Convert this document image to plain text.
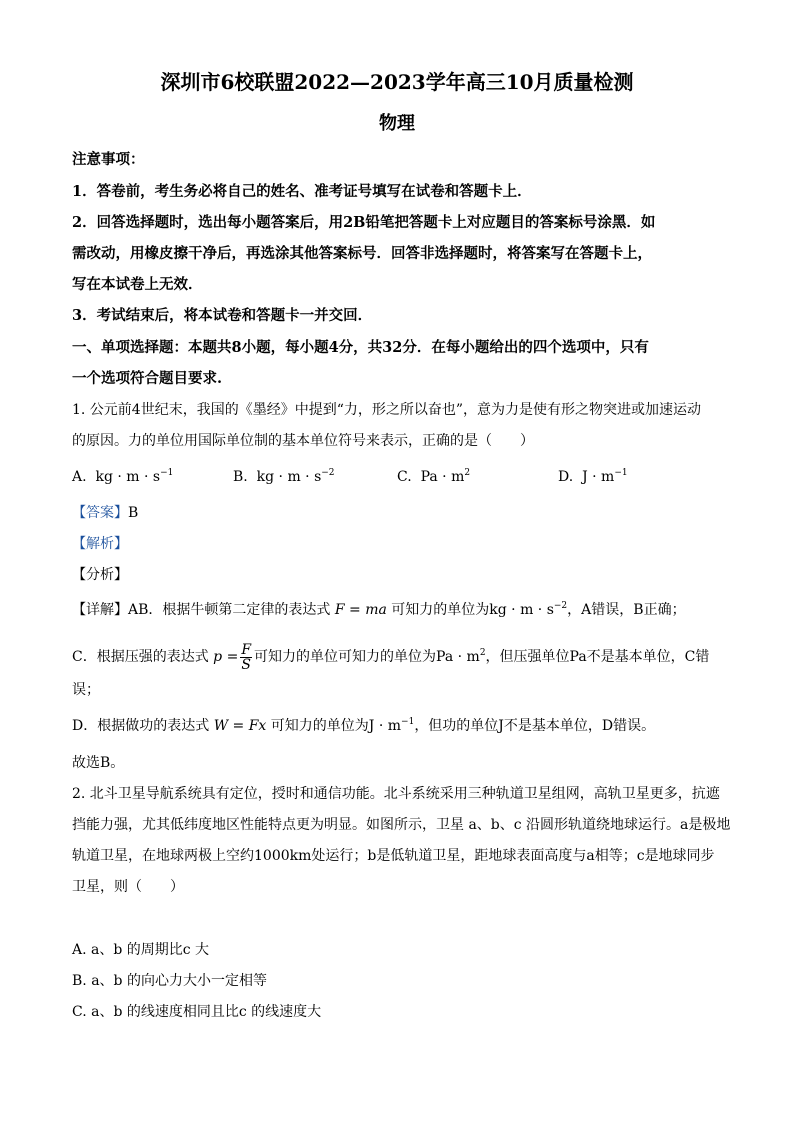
深圳市6校联盟2022—2023学年高三10月质量检测
物理
注意事项：
1．答卷前，考生务必将自己的姓名、准考证号填写在试卷和答题卡上．
2．回答选择题时，选出每小题答案后，用2B铅笔把答题卡上对应题目的答案标号涂黑．如
需改动，用橡皮擦干净后，再选涂其他答案标号．回答非选择题时，将答案写在答题卡上，
写在本试卷上无效．
3．考试结束后，将本试卷和答题卡一并交回．
一、单项选择题：本题共8小题，每小题4分，共32分．在每小题给出的四个选项中，只有
一个选项符合题目要求.
1. 公元前4世纪末，我国的《墨经》中提到“力，形之所以奋也”，意为力是使有形之物突进或加速运动
的原因。力的单位用国际单位制的基本单位符号来表示，正确的是（　　）
A. kg · $m \cdot s^{-1}$	B. kg · $m \cdot s^{-2}$	C. $Pa \cdot m^2$	D. $J \cdot m^{-1}$
【答案】B
【解析】
【分析】
【详解】AB．根据牛顿第二定律的表达式 F = ma 可知力的单位为kg · $m \cdot s^{-2}$，A错误，B正确；
C．根据压强的表达式 $p = \frac{F}{S}$ 可知力的单位可知力的单位为$Pa \cdot m^2$，但压强单位Pa不是基本单位，C错
误；
D．根据做功的表达式 W = Fx 可知力的单位为$J \cdot m^{-1}$，但功的单位J不是基本单位，D错误。
故选B。
2. 北斗卫星导航系统具有定位，授时和通信功能。北斗系统采用三种轨道卫星组网，高轨卫星更多，抗遮
挡能力强，尤其低纬度地区性能特点更为明显。如图所示，卫星 a、b、c 沿圆形轨道绕地球运行。a是极地
轨道卫星，在地球两极上空约1000km处运行；b是低轨道卫星，距地球表面高度与a相等；c是地球同步
卫星，则（　　）
A. a、b 的周期比c 大
B. a、b 的向心力大小一定相等
C. a、b 的线速度相同且比c 的线速度大
